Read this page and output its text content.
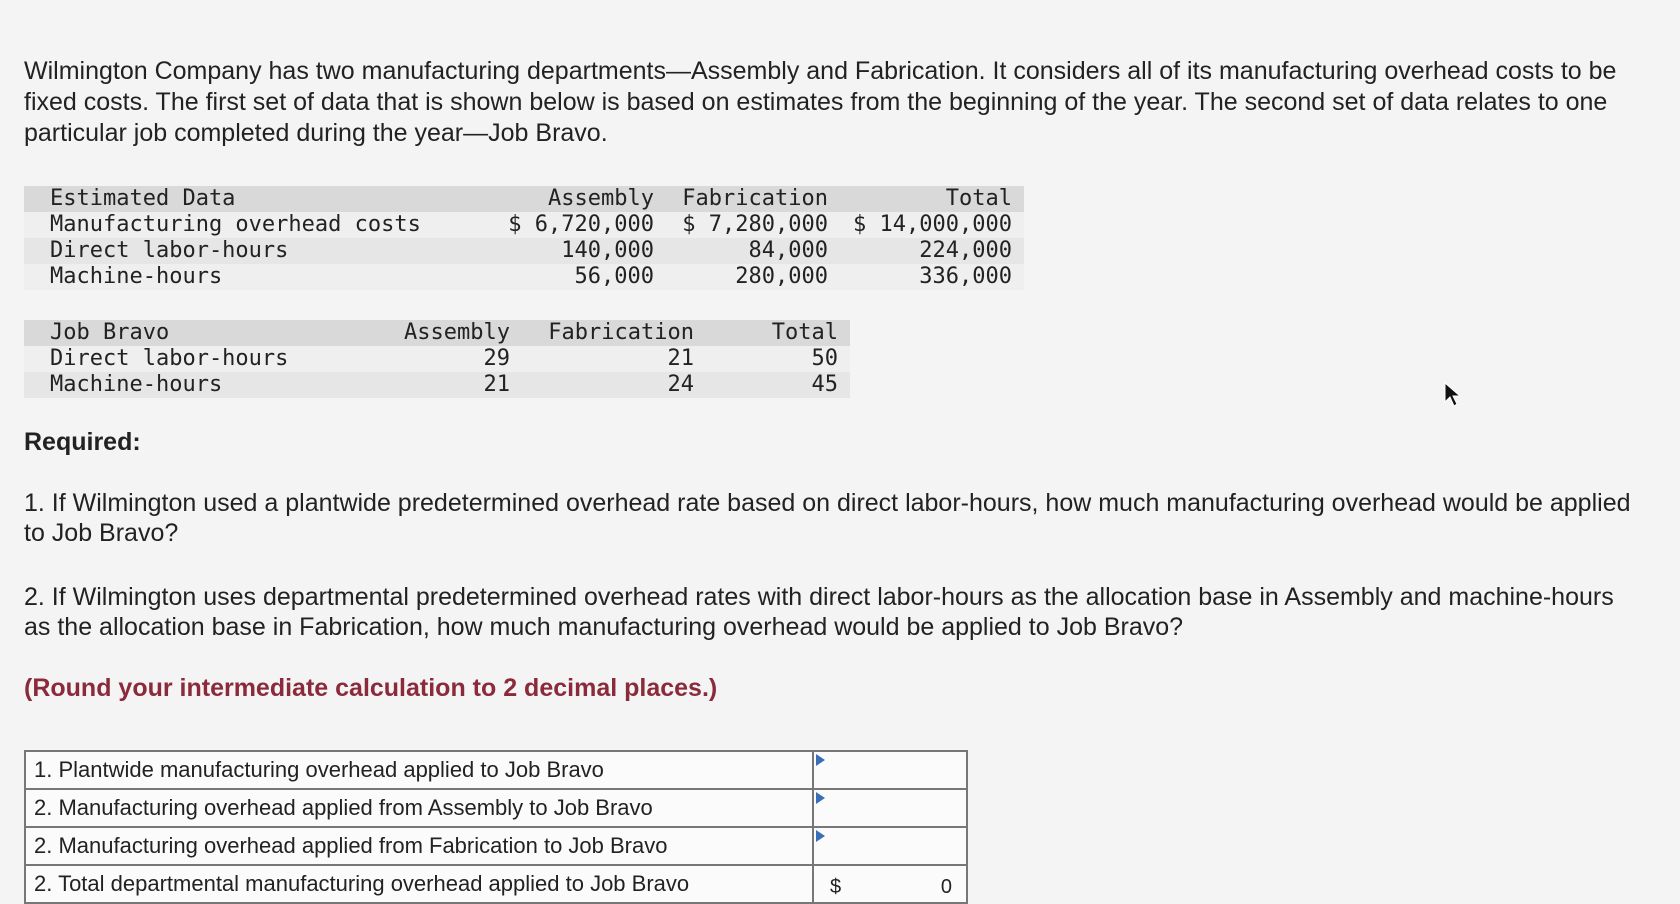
Wilmington Company has two manufacturing departments—Assembly and Fabrication. It considers all of its manufacturing overhead costs to be fixed costs. The first set of data that is shown below is based on estimates from the beginning of the year. The second set of data relates to one particular job completed during the year—Job Bravo.

Estimated Data	Assembly	Fabrication	Total
Manufacturing overhead costs	$ 6,720,000	$ 7,280,000	$ 14,000,000
Direct labor-hours	140,000	84,000	224,000
Machine-hours	56,000	280,000	336,000
Job Bravo	Assembly	Fabrication	Total
Direct labor-hours	29	21	50
Machine-hours	21	24	45

Required:

1. If Wilmington used a plantwide predetermined overhead rate based on direct labor-hours, how much manufacturing overhead would be applied to Job Bravo?

2. If Wilmington uses departmental predetermined overhead rates with direct labor-hours as the allocation base in Assembly and machine-hours as the allocation base in Fabrication, how much manufacturing overhead would be applied to Job Bravo?

(Round your intermediate calculation to 2 decimal places.)

1. Plantwide manufacturing overhead applied to Job Bravo	

2. Manufacturing overhead applied from Assembly to Job Bravo	

2. Manufacturing overhead applied from Fabrication to Job Bravo	

2. Total departmental manufacturing overhead applied to Job Bravo	$ 0
